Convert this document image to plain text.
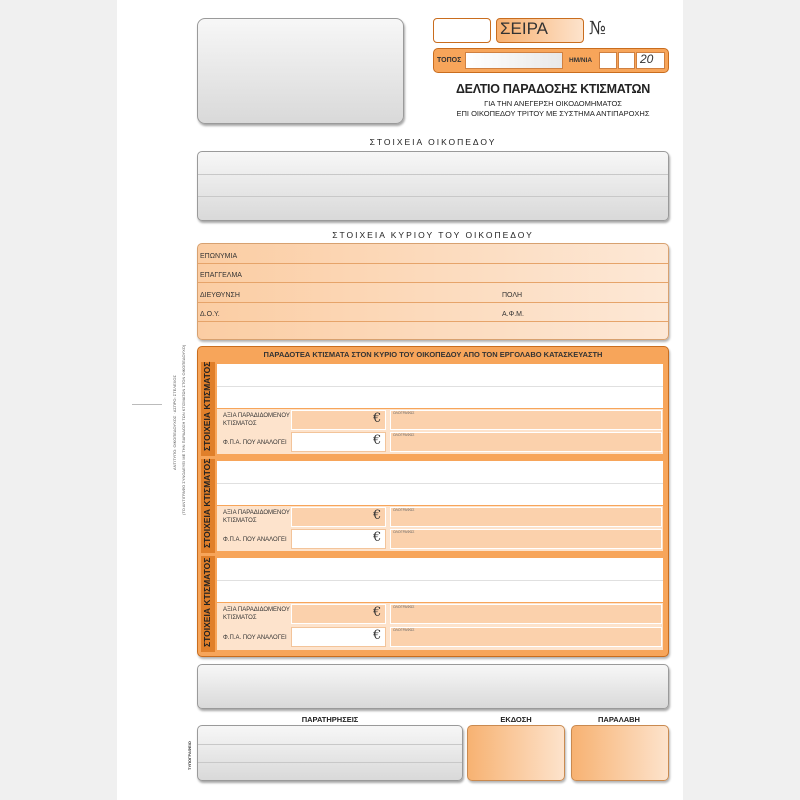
ΣΕΙΡΑ №
ΤΟΠΟΣ	ΗΜ/ΝΙΑ	20
ΔΕΛΤΙΟ ΠΑΡΑΔΟΣΗΣ ΚΤΙΣΜΑΤΩΝ
ΓΙΑ ΤΗΝ ΑΝΕΓΕΡΣΗ ΟΙΚΟΔΟΜΗΜΑΤΟΣ
ΕΠΙ ΟΙΚΟΠΕΔΟΥ ΤΡΙΤΟΥ ΜΕ ΣΥΣΤΗΜΑ ΑΝΤΙΠΑΡΟΧΗΣ
ΣΤΟΙΧΕΙΑ ΟΙΚΟΠΕΔΟΥ
ΣΤΟΙΧΕΙΑ ΚΥΡΙΟΥ ΤΟΥ ΟΙΚΟΠΕΔΟΥ
ΕΠΩΝΥΜΙΑ
ΕΠΑΓΓΕΛΜΑ
ΔΙΕΥΘΥΝΣΗ	ΠΟΛΗ
Δ.Ο.Υ.	Α.Φ.Μ.
ΠΑΡΑΔΟΤΕΑ ΚΤΙΣΜΑΤΑ ΣΤΟΝ ΚΥΡΙΟ ΤΟΥ ΟΙΚΟΠΕΔΟΥ ΑΠΟ ΤΟΝ ΕΡΓΟΛΑΒΟ ΚΑΤΑΣΚΕΥΑΣΤΗ
ΣΤΟΙΧΕΙΑ ΚΤΙΣΜΑΤΟΣ ΑΞΙΑ ΠΑΡΑΔΙΔΟΜΕΝΟΥ
ΚΤΙΣΜΑΤΟΣ	€	ΟΛΟΓΡΑΦΩΣ
Φ.Π.Α. ΠΟΥ ΑΝΑΛΟΓΕΙ	€	ΟΛΟΓΡΑΦΩΣ
ΣΤΟΙΧΕΙΑ ΚΤΙΣΜΑΤΟΣ ΑΞΙΑ ΠΑΡΑΔΙΔΟΜΕΝΟΥ
ΚΤΙΣΜΑΤΟΣ	€	ΟΛΟΓΡΑΦΩΣ
Φ.Π.Α. ΠΟΥ ΑΝΑΛΟΓΕΙ	€	ΟΛΟΓΡΑΦΩΣ
ΣΤΟΙΧΕΙΑ ΚΤΙΣΜΑΤΟΣ ΑΞΙΑ ΠΑΡΑΔΙΔΟΜΕΝΟΥ
ΚΤΙΣΜΑΤΟΣ	€	ΟΛΟΓΡΑΦΩΣ
Φ.Π.Α. ΠΟΥ ΑΝΑΛΟΓΕΙ	€	ΟΛΟΓΡΑΦΩΣ
ΠΑΡΑΤΗΡΗΣΕΙΣ	ΕΚΔΟΣΗ	ΠΑΡΑΛΑΒΗ
ΤΥΠΟΓΡΑΦΕΙΟ
ΑΝΤΙΤΥΠΟ: ΟΙΚΟΠΕΔΟΥΧΟΣ · ΑΣΠΡΟ: ΣΤΕΛΕΧΟΣ (ΤΟ ΑΝΤΙΓΡΑΦΟ ΣΥΝΟΔΕΥΕΙ ΜΕ ΤΗΝ ΠΑΡΑΔΟΣΗ ΤΩΝ ΚΤΙΣΜΑΤΩΝ ΣΤΟΝ ΟΙΚΟΠΕΔΟΥΧΟ)
